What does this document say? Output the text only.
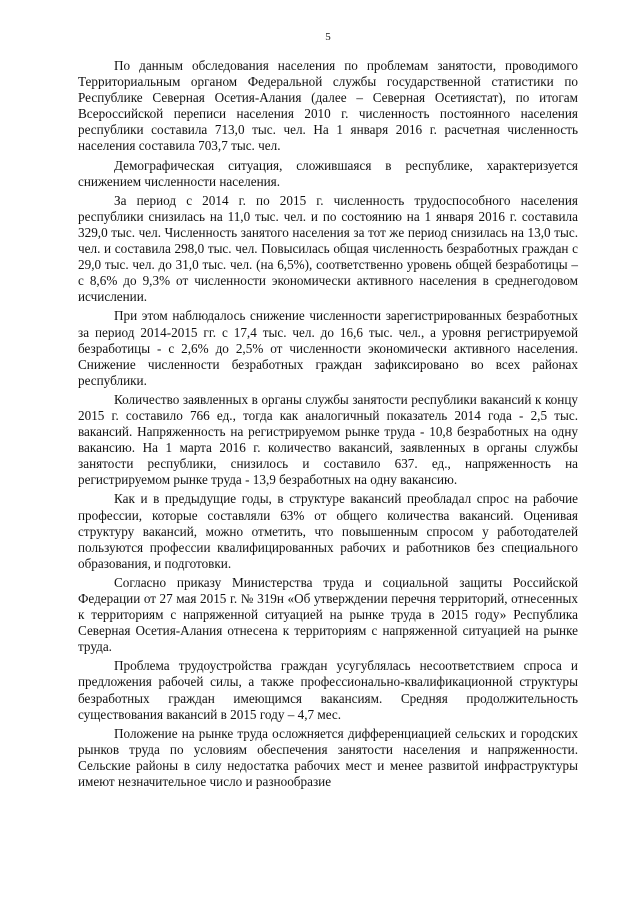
5

По данным обследования населения по проблемам занятости, проводимого Территориальным органом Федеральной службы государственной статистики по Республике Северная Осетия-Алания (далее – Северная Осетиястат), по итогам Всероссийской переписи населения 2010 г. численность постоянного населения республики составила 713,0 тыс. чел. На 1 января 2016 г. расчетная численность населения составила 703,7 тыс. чел.

Демографическая ситуация, сложившаяся в республике, характеризуется снижением численности населения.

За период с 2014 г. по 2015 г. численность трудоспособного населения республики снизилась на 11,0 тыс. чел. и по состоянию на 1 января 2016 г. составила 329,0 тыс. чел. Численность занятого населения за тот же период снизилась на 13,0 тыс. чел. и составила 298,0 тыс. чел. Повысилась общая численность безработных граждан с 29,0 тыс. чел. до 31,0 тыс. чел. (на 6,5%), соответственно уровень общей безработицы – с 8,6% до 9,3% от численности экономически активного населения в среднегодовом исчислении.

При этом наблюдалось снижение численности зарегистрированных безработных за период 2014-2015 гг. с 17,4 тыс. чел. до 16,6 тыс. чел., а уровня регистрируемой безработицы - с 2,6% до 2,5% от численности экономически активного населения. Снижение численности безработных граждан зафиксировано во всех районах республики.

Количество заявленных в органы службы занятости республики вакансий к концу 2015 г. составило 766 ед., тогда как аналогичный показатель 2014 года - 2,5 тыс. вакансий. Напряженность на регистрируемом рынке труда - 10,8 безработных на одну вакансию. На 1 марта 2016 г. количество вакансий, заявленных в органы службы занятости республики, снизилось и составило 637. ед., напряженность на регистрируемом рынке труда - 13,9 безработных на одну вакансию.

Как и в предыдущие годы, в структуре вакансий преобладал спрос на рабочие профессии, которые составляли 63% от общего количества вакансий. Оценивая структуру вакансий, можно отметить, что повышенным спросом у работодателей пользуются профессии квалифицированных рабочих и работников без специального образования, и подготовки.

Согласно приказу Министерства труда и социальной защиты Российской Федерации от 27 мая 2015 г. № 319н «Об утверждении перечня территорий, отнесенных к территориям с напряженной ситуацией на рынке труда в 2015 году» Республика Северная Осетия-Алания отнесена к территориям с напряженной ситуацией на рынке труда.

Проблема трудоустройства граждан усугублялась несоответствием спроса и предложения рабочей силы, а также профессионально-квалификационной структуры безработных граждан имеющимся вакансиям. Средняя продолжительность существования вакансий в 2015 году – 4,7 мес.

Положение на рынке труда осложняется дифференциацией сельских и городских рынков труда по условиям обеспечения занятости населения и напряженности. Сельские районы в силу недостатка рабочих мест и менее развитой инфраструктуры имеют незначительное число и разнообразие
